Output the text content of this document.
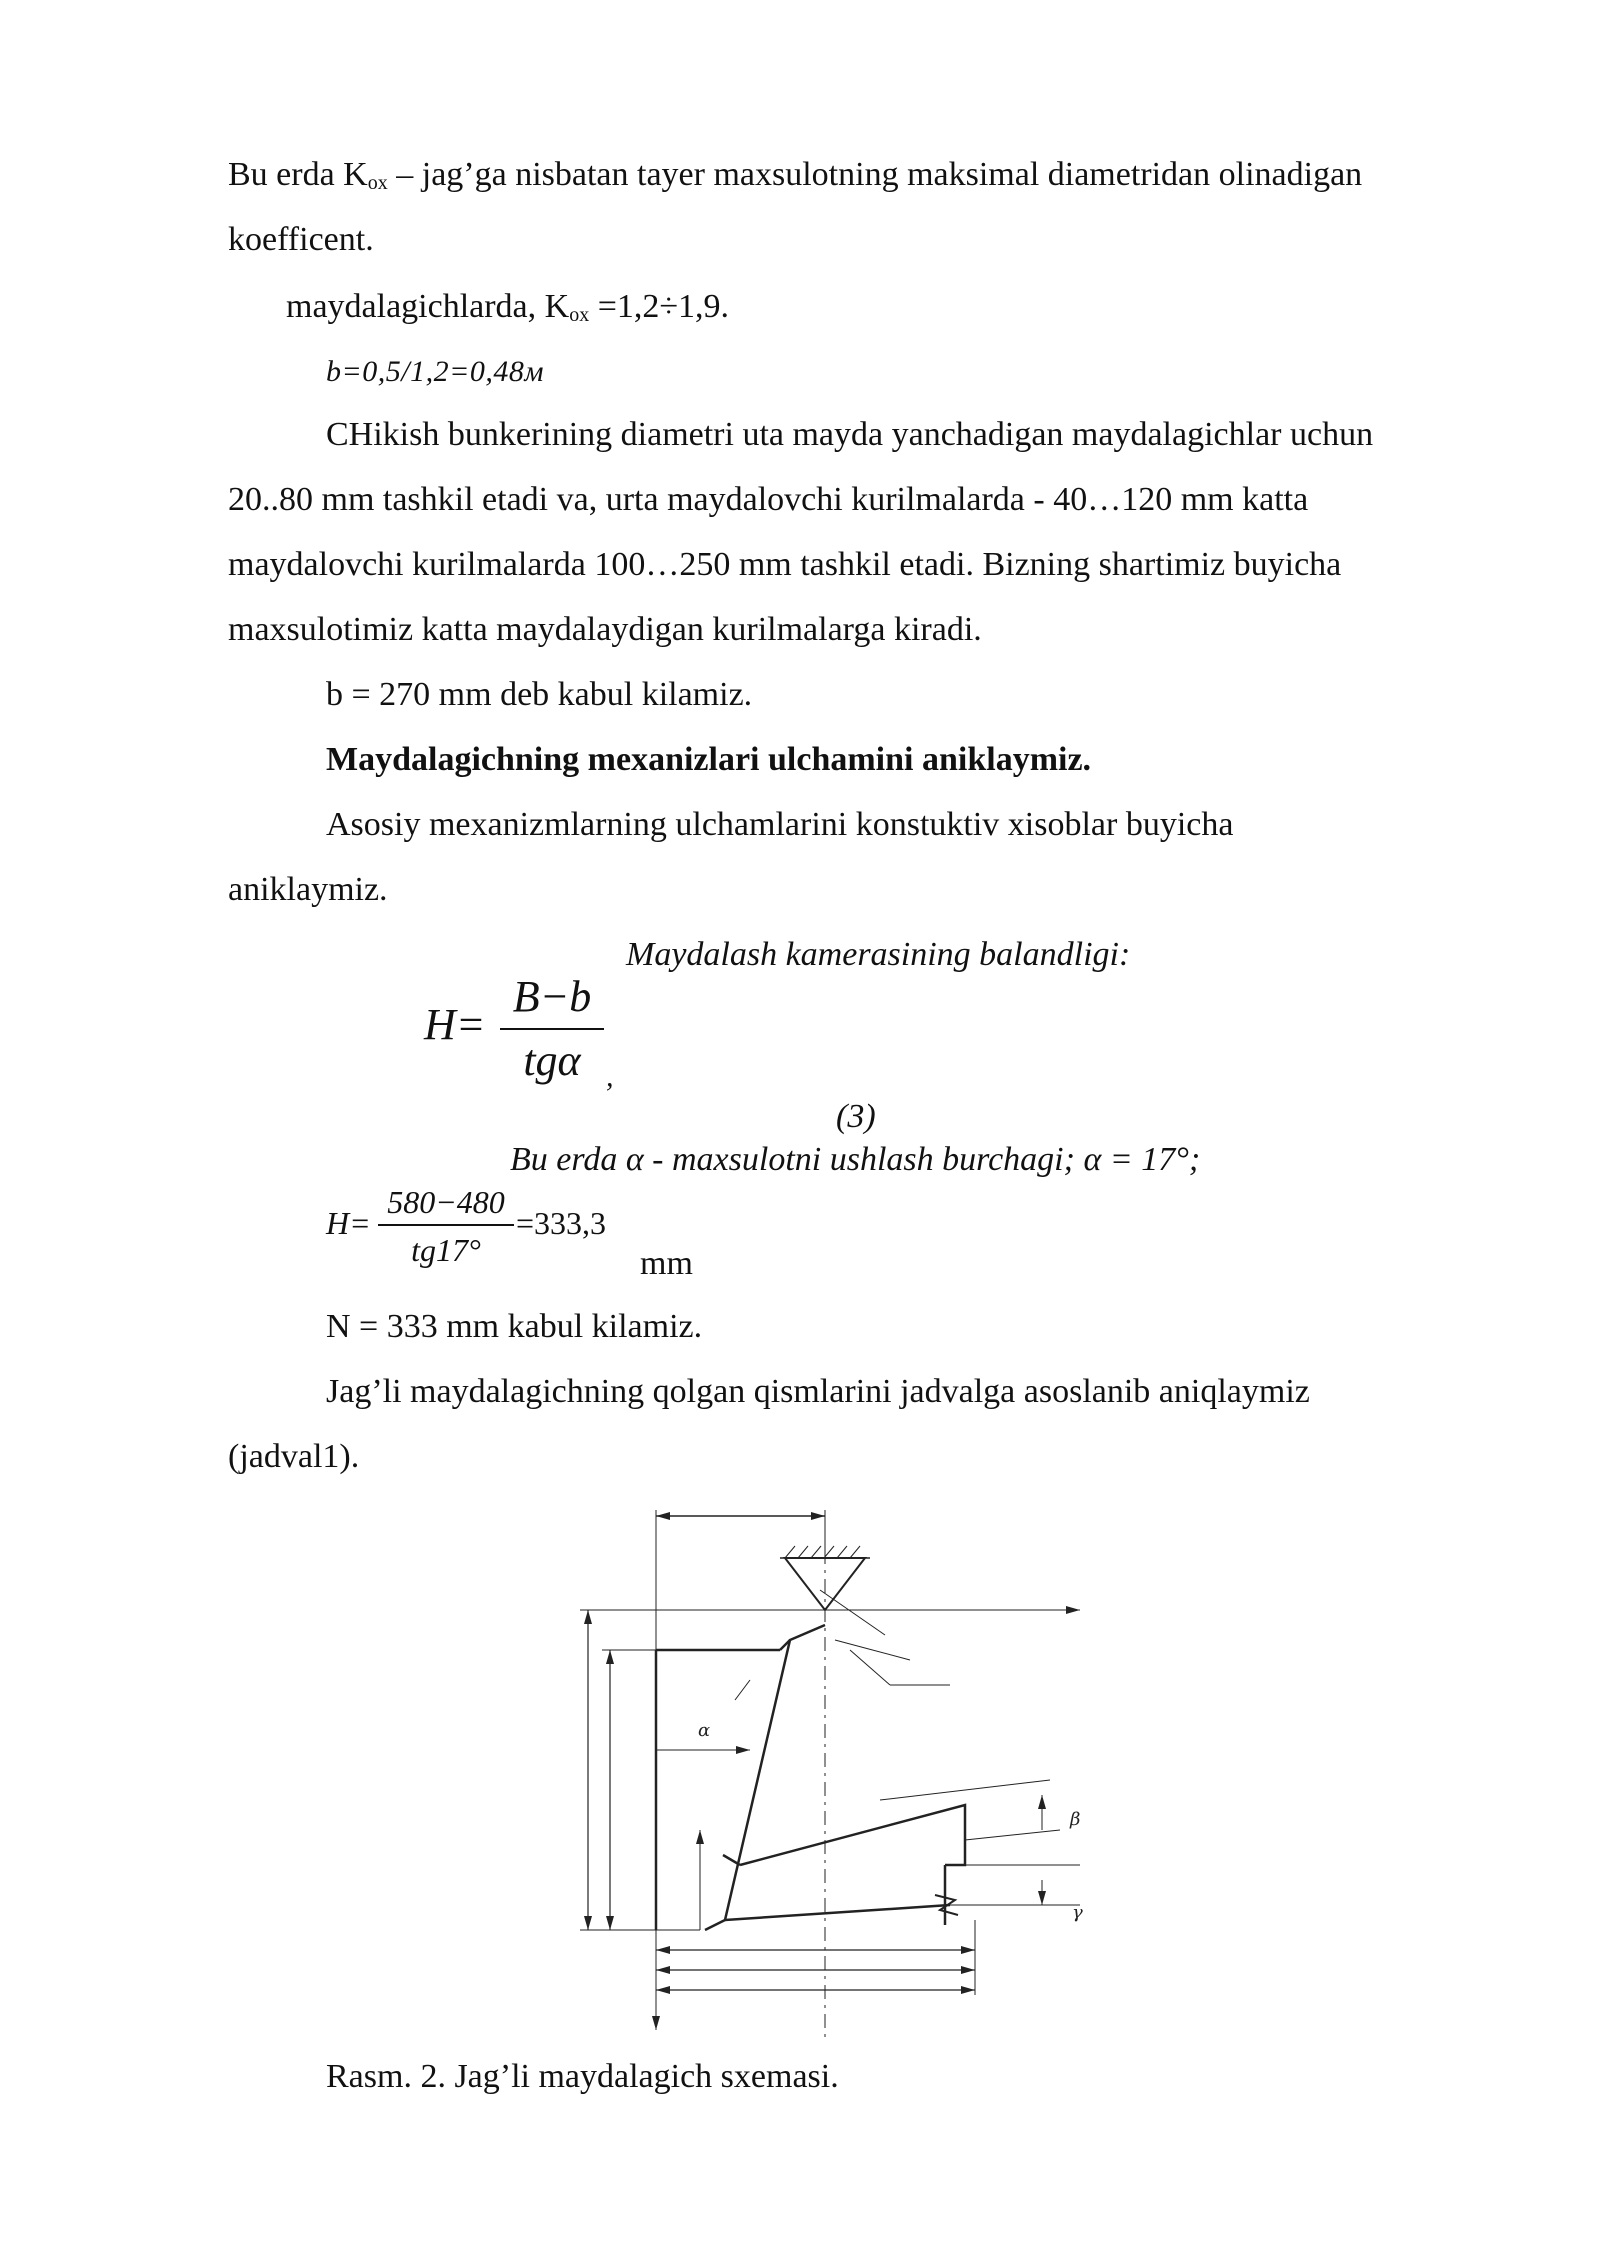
Bu erda $K_{ox}$ – jag’ga nisbatan tayer maxsulotning maksimal diametridan olinadigan
koefficent.
maydalagichlarda, $K_{ox} =1,2\div 1,9$.
b=0,5/1,2=0,48м
CHikish bunkerining diametri uta mayda yanchadigan maydalagichlar uchun
20..80 mm tashkil etadi va, urta maydalovchi kurilmalarda - 40…120 mm katta
maydalovchi kurilmalarda 100…250 mm tashkil etadi. Bizning shartimiz buyicha
maxsulotimiz katta maydalaydigan kurilmalarga kiradi.
b = 270 mm deb kabul kilamiz.
Maydalagichning mexanizlari ulchamini aniklaymiz.
Asosiy mexanizmlarning ulchamlarini konstuktiv xisoblar buyicha
aniklaymiz.
Maydalash kamerasining balandligi:
H=
B−b
tgα ,
(3)
Bu erda α - maxsulotni ushlash burchagi; α = 17°;
H=
580−480
tg17°
=333,3
mm
N = 333 mm kabul kilamiz.
Jag’li maydalagichning qolgan qismlarini jadvalga asoslanib aniqlaymiz
(jadval1).
α
β
γ
Rasm. 2. Jag’li maydalagich sxemasi.
